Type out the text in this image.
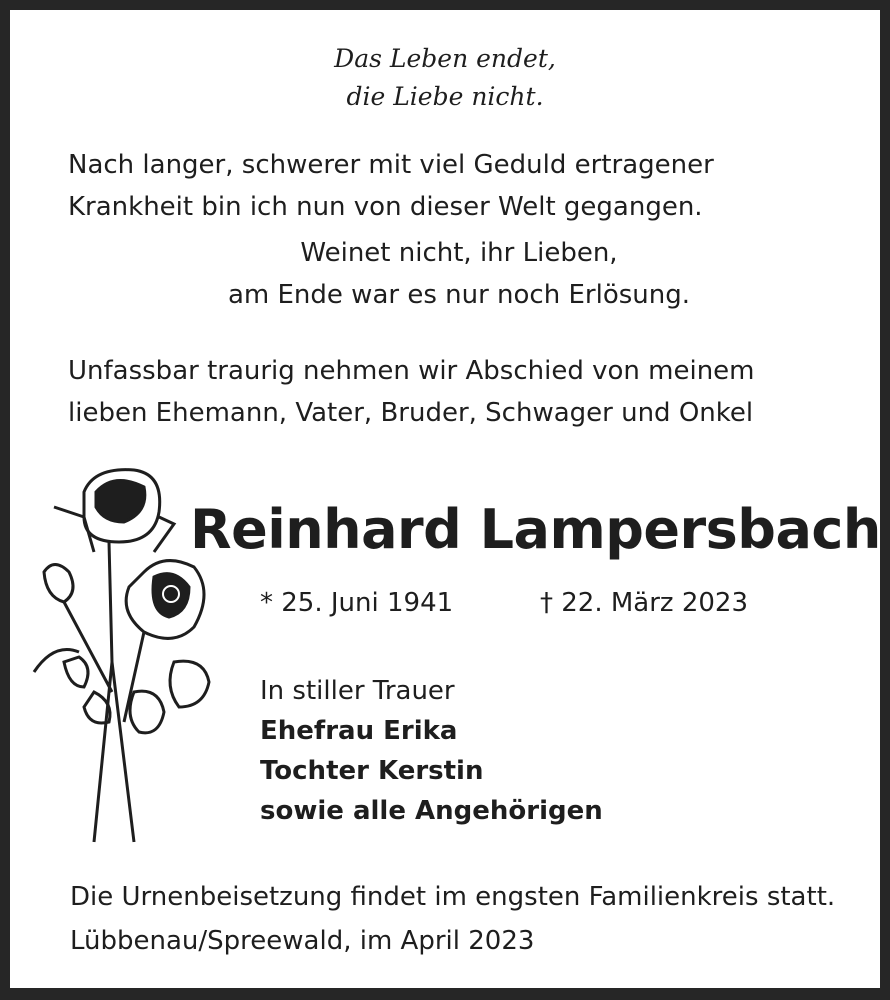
Das Leben endet,
die Liebe nicht.
Nach langer, schwerer mit viel Geduld ertragener
Krankheit bin ich nun von dieser Welt gegangen.
Weinet nicht, ihr Lieben,
am Ende war es nur noch Erlösung.
Unfassbar traurig nehmen wir Abschied von meinem
lieben Ehemann, Vater, Bruder, Schwager und Onkel
Reinhard Lampersbach
* 25. Juni 1941	† 22. März 2023
In stiller Trauer
Ehefrau Erika
Tochter Kerstin
sowie alle Angehörigen
Die Urnenbeisetzung findet im engsten Familienkreis statt.
Lübbenau/Spreewald, im April 2023
